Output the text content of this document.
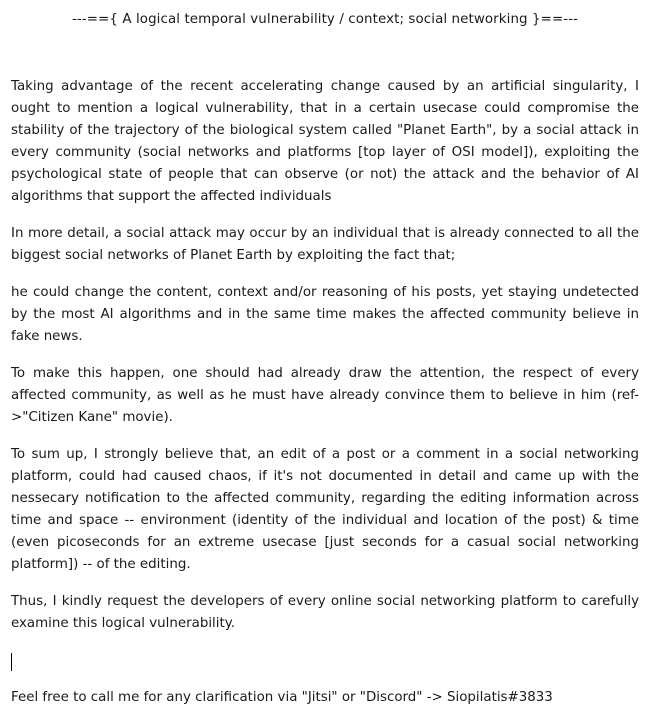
---=={ A logical temporal vulnerability / context; social networking }==---

Taking advantage of the recent accelerating change caused by an artificial singularity, I ought to mention a logical vulnerability, that in a certain usecase could compromise the stability of the trajectory of the biological system called "Planet Earth", by a social attack in every community (social networks and platforms [top layer of OSI model]), exploiting the psychological state of people that can observe (or not) the attack and the behavior of AI algorithms that support the affected individuals

In more detail, a social attack may occur by an individual that is already connected to all the biggest social networks of Planet Earth by exploiting the fact that;

he could change the content, context and/or reasoning of his posts, yet staying undetected by the most AI algorithms and in the same time makes the affected community believe in fake news.

To make this happen, one should had already draw the attention, the respect of every affected community, as well as he must have already convince them to believe in him (ref->"Citizen Kane" movie).

To sum up, I strongly believe that, an edit of a post or a comment in a social networking platform, could had caused chaos, if it's not documented in detail and came up with the nessecary notification to the affected community, regarding the editing information across time and space -- environment (identity of the individual and location of the post) & time (even picoseconds for an extreme usecase [just seconds for a casual social networking platform]) -- of the editing.

Thus, I kindly request the developers of every online social networking platform to carefully examine this logical vulnerability.

Feel free to call me for any clarification via "Jitsi" or "Discord" -> Siopilatis#3833
